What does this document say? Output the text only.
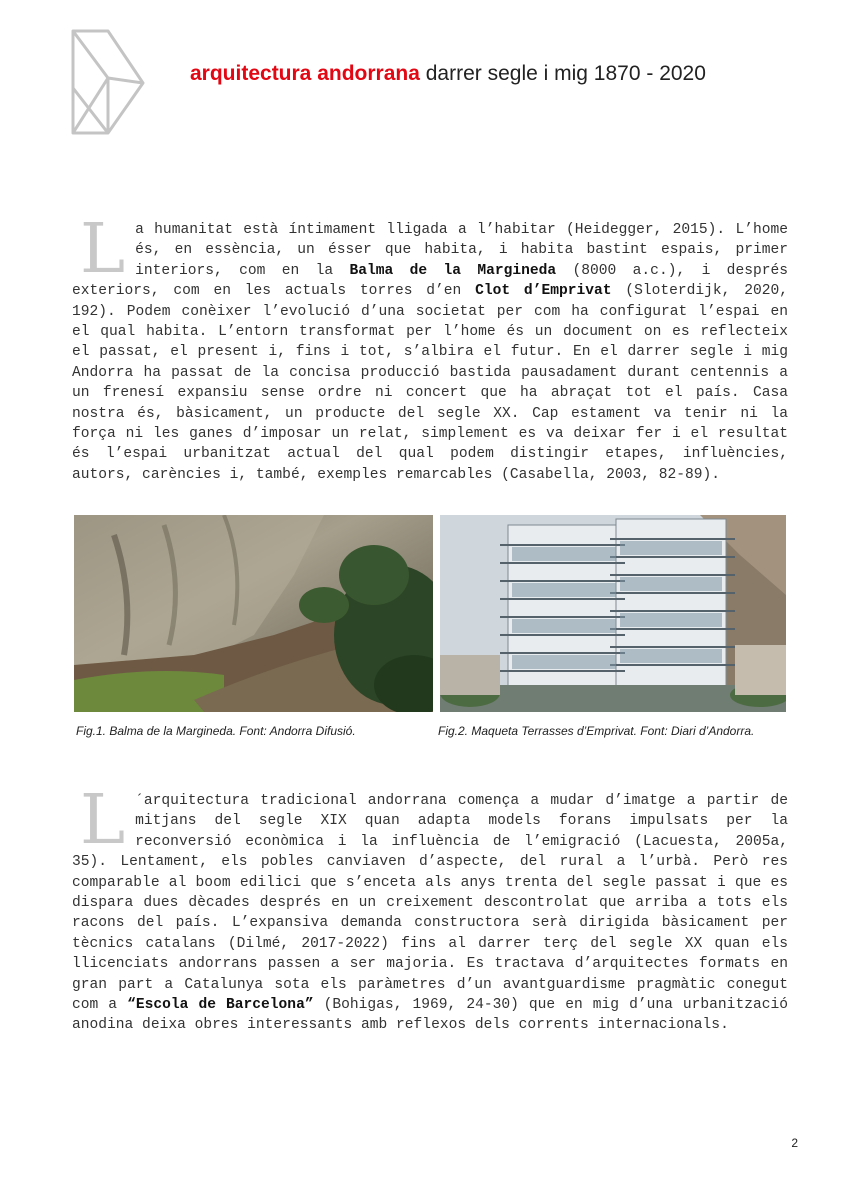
arquitectura andorrana darrer segle i mig 1870 - 2020

La humanitat està íntimament lligada a l’habitar (Heidegger, 2015). L’home és, en essència, un ésser que habita, i habita bastint espais, primer interiors, com en la Balma de la Margineda (8000 a.c.), i després exteriors, com en les actuals torres d’en Clot d’Emprivat (Sloterdijk, 2020, 192). Podem conèixer l’evolució d’una societat per com ha configurat l’espai en el qual habita. L’entorn transformat per l’home és un document on es reflecteix el passat, el present i, fins i tot, s’albira el futur. En el darrer segle i mig Andorra ha passat de la concisa producció bastida pausadament durant centennis a un frenesí expansiu sense ordre ni concert que ha abraçat tot el país. Casa nostra és, bàsicament, un producte del segle XX. Cap estament va tenir ni la força ni les ganes d’imposar un relat, simplement es va deixar fer i el resultat és l’espai urbanitzat actual del qual podem distingir etapes, influències, autors, carències i, també, exemples remarcables (Casabella, 2003, 82-89).

Fig.1. Balma de la Margineda. Font: Andorra Difusió.	Fig.2. Maqueta Terrasses d’Emprivat. Font: Diari d’Andorra.

L ´arquitectura tradicional andorrana comença a mudar d’imatge a partir de mitjans del segle XIX quan adapta models forans impulsats per la reconversió econòmica i la influència de l’emigració (Lacuesta, 2005a, 35). Lentament, els pobles canviaven d’aspecte, del rural a l’urbà. Però res comparable al boom edilici que s’enceta als anys trenta del segle passat i que es dispara dues dècades després en un creixement descontrolat que arriba a tots els racons del país. L’expansiva demanda constructora serà dirigida bàsicament per tècnics catalans (Dilmé, 2017-2022) fins al darrer terç del segle XX quan els llicenciats andorrans passen a ser majoria. Es tractava d’arquitectes formats en gran part a Catalunya sota els paràmetres d’un avantguardisme pragmàtic conegut com a “Escola de Barcelona” (Bohigas, 1969, 24-30) que en mig d’una urbanització anodina deixa obres interessants amb reflexos dels corrents internacionals.

2
